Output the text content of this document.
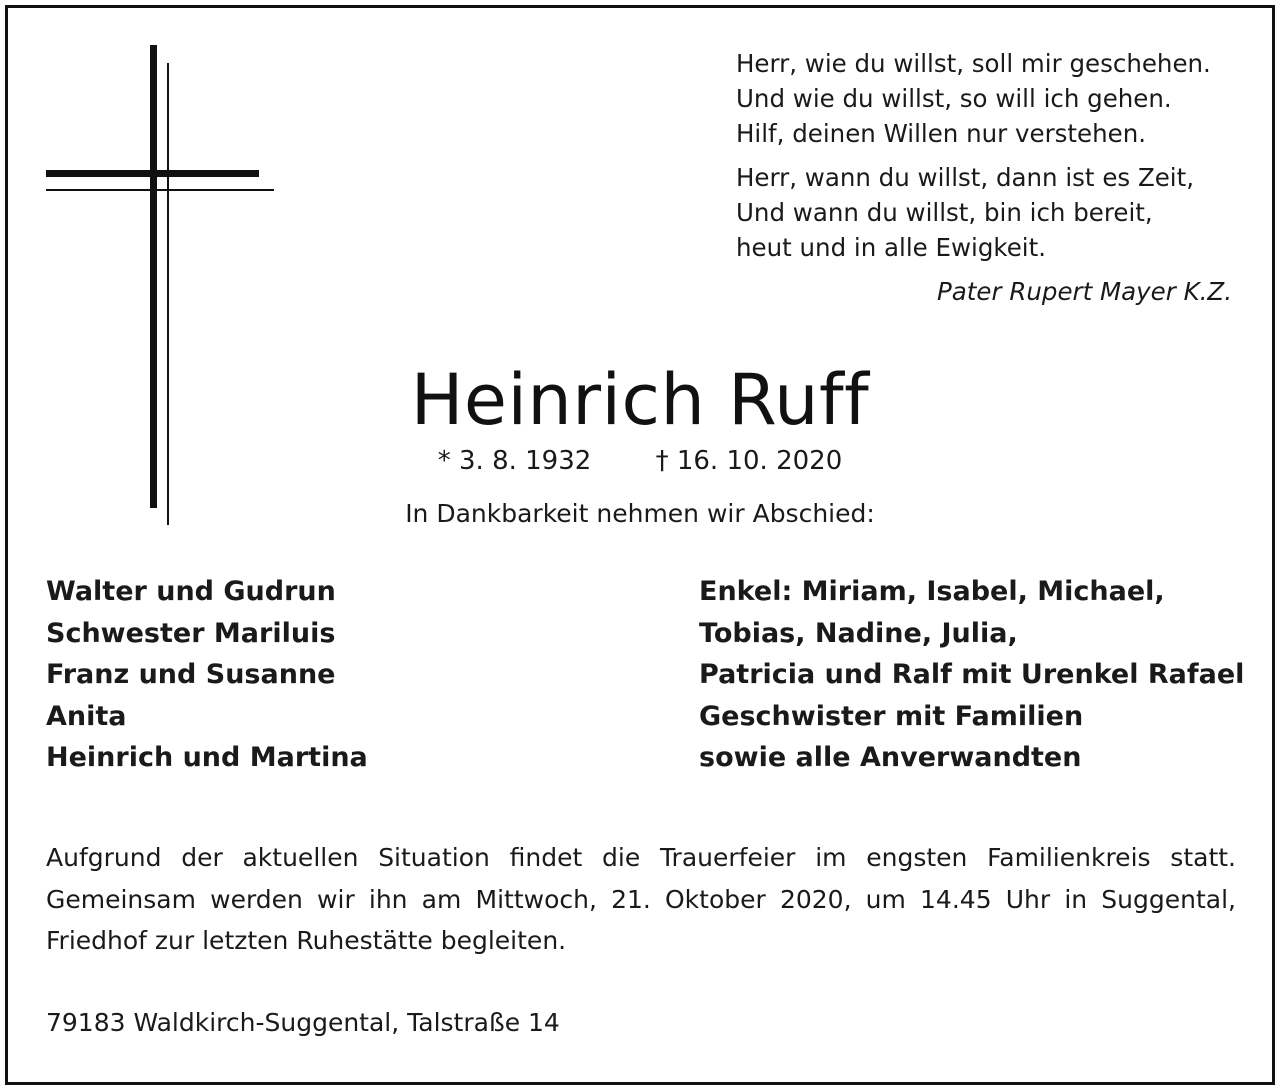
Herr, wie du willst, soll mir geschehen.
Und wie du willst, so will ich gehen.
Hilf, deinen Willen nur verstehen.
Herr, wann du willst, dann ist es Zeit,
Und wann du willst, bin ich bereit,
heut und in alle Ewigkeit.
Pater Rupert Mayer K.Z.
Heinrich Ruff
* 3. 8. 1932 † 16. 10. 2020
In Dankbarkeit nehmen wir Abschied:
Walter und Gudrun
Schwester Mariluis
Franz und Susanne
Anita
Heinrich und Martina
Enkel: Miriam, Isabel, Michael,
Tobias, Nadine, Julia,
Patricia und Ralf mit Urenkel Rafael
Geschwister mit Familien
sowie alle Anverwandten
Aufgrund der aktuellen Situation findet die Trauerfeier im engsten Familienkreis statt.
Gemeinsam werden wir ihn am Mittwoch, 21. Oktober 2020, um 14.45 Uhr in Suggental,
Friedhof zur letzten Ruhestätte begleiten.
79183 Waldkirch-Suggental, Talstraße 14
